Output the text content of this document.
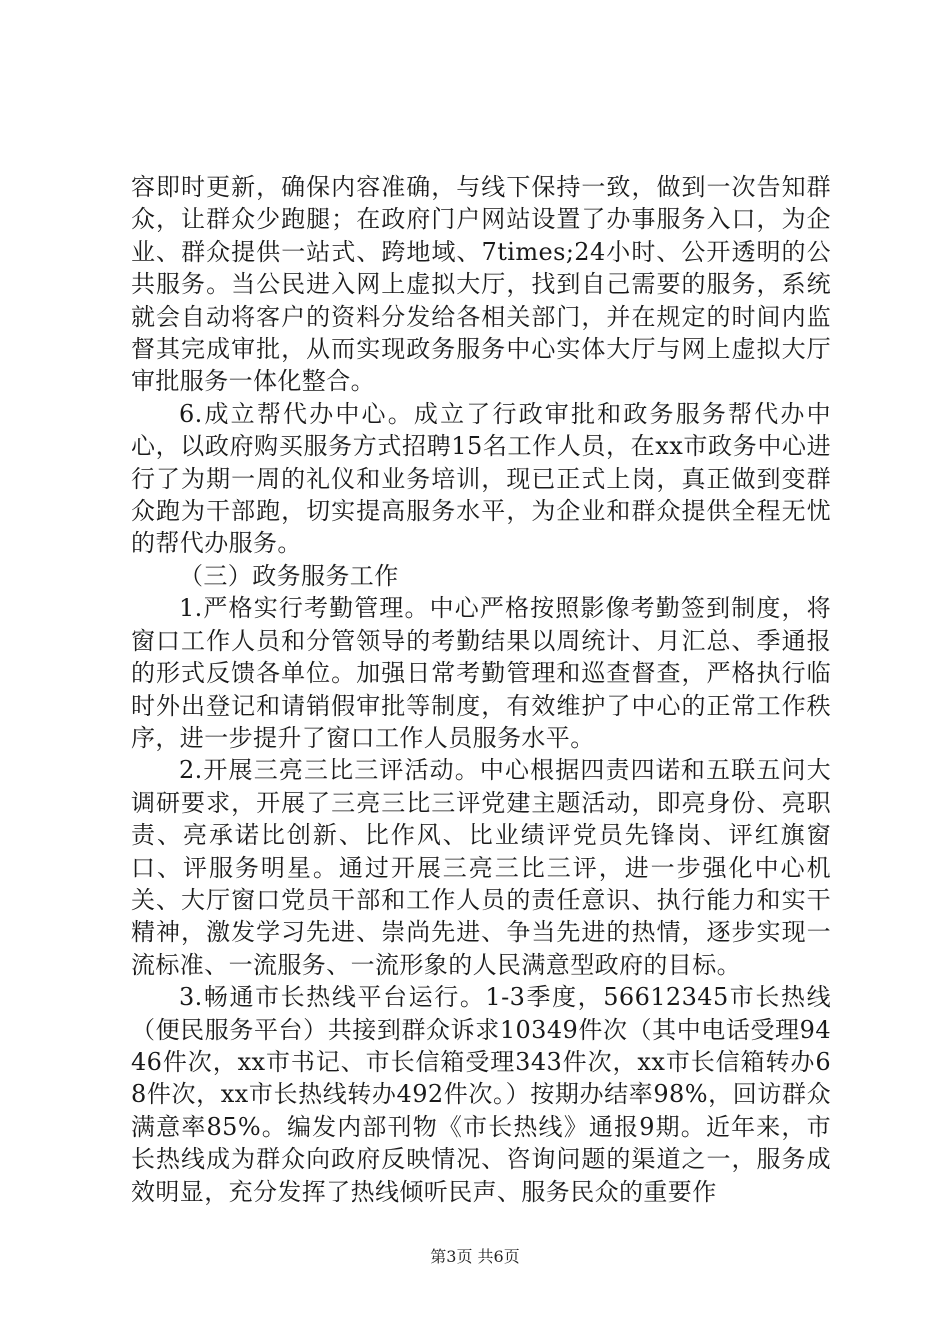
容即时更新，确保内容准确，与线下保持一致，做到一次告知群众，让群众少跑腿；在政府门户网站设置了办事服务入口，为企业、群众提供一站式、跨地域、7times;24小时、公开透明的公共服务。当公民进入网上虚拟大厅，找到自己需要的服务，系统就会自动将客户的资料分发给各相关部门，并在规定的时间内监督其完成审批，从而实现政务服务中心实体大厅与网上虚拟大厅审批服务一体化整合。

6.成立帮代办中心。成立了行政审批和政务服务帮代办中心，以政府购买服务方式招聘15名工作人员，在xx市政务中心进行了为期一周的礼仪和业务培训，现已正式上岗，真正做到变群众跑为干部跑，切实提高服务水平，为企业和群众提供全程无忧的帮代办服务。

（三）政务服务工作

1.严格实行考勤管理。中心严格按照影像考勤签到制度，将窗口工作人员和分管领导的考勤结果以周统计、月汇总、季通报的形式反馈各单位。加强日常考勤管理和巡查督查，严格执行临时外出登记和请销假审批等制度，有效维护了中心的正常工作秩序，进一步提升了窗口工作人员服务水平。

2.开展三亮三比三评活动。中心根据四责四诺和五联五问大调研要求，开展了三亮三比三评党建主题活动，即亮身份、亮职责、亮承诺比创新、比作风、比业绩评党员先锋岗、评红旗窗口、评服务明星。通过开展三亮三比三评，进一步强化中心机关、大厅窗口党员干部和工作人员的责任意识、执行能力和实干精神，激发学习先进、崇尚先进、争当先进的热情，逐步实现一流标准、一流服务、一流形象的人民满意型政府的目标。

3.畅通市长热线平台运行。1-3季度，56612345市长热线（便民服务平台）共接到群众诉求10349件次（其中电话受理9446件次，xx市书记、市长信箱受理343件次，xx市长信箱转办68件次，xx市长热线转办492件次。）按期办结率98%，回访群众满意率85%。编发内部刊物《市长热线》通报9期。近年来，市长热线成为群众向政府反映情况、咨询问题的渠道之一，服务成效明显，充分发挥了热线倾听民声、服务民众的重要作

第3页 共6页
